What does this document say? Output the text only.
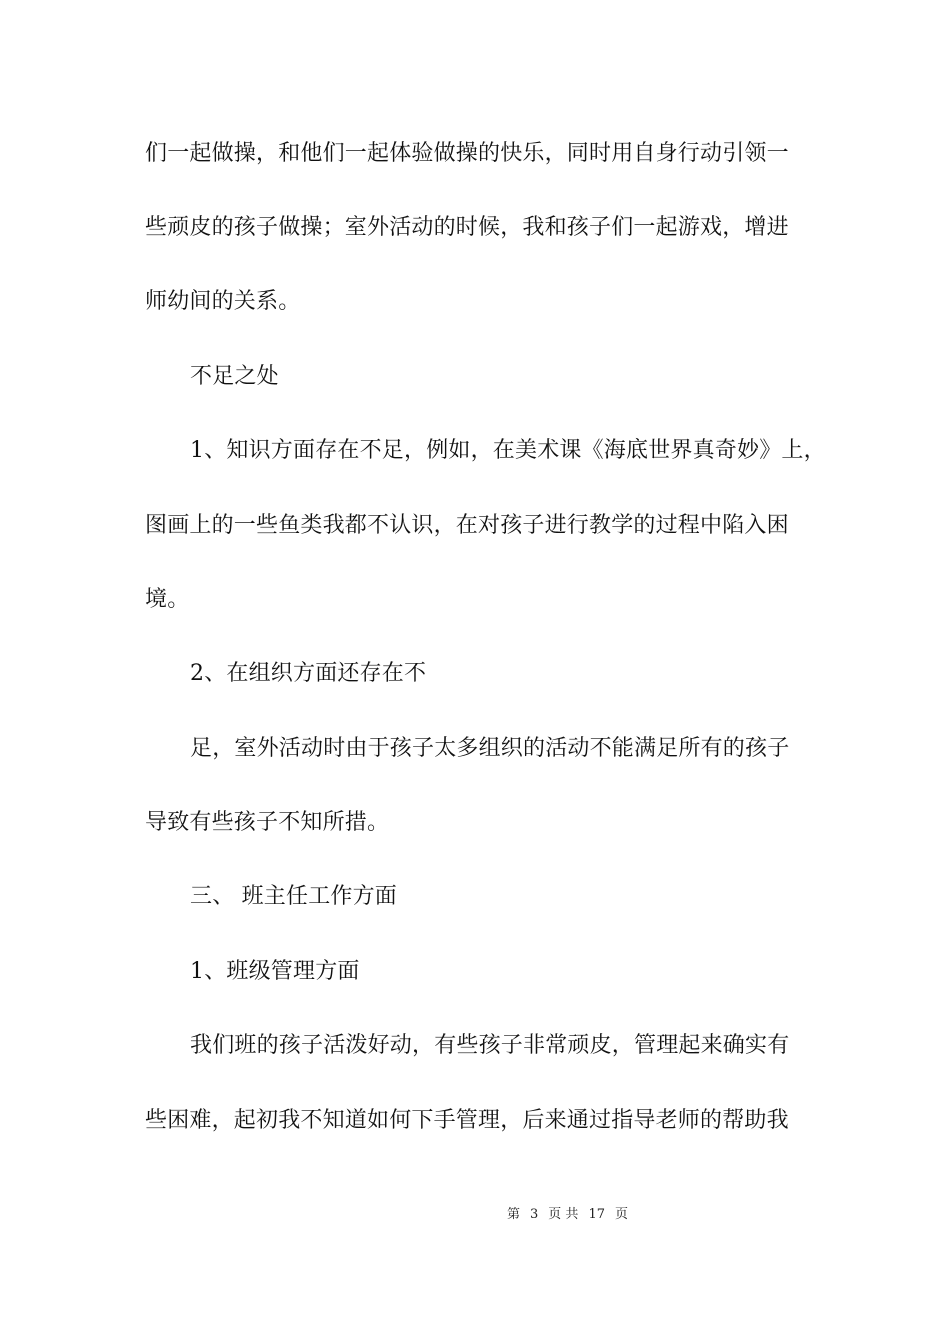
们一起做操，和他们一起体验做操的快乐，同时用自身行动引领一
些顽皮的孩子做操；室外活动的时候，我和孩子们一起游戏，增进
师幼间的关系。
不足之处
1、知识方面存在不足，例如，在美术课《海底世界真奇妙》上，
图画上的一些鱼类我都不认识，在对孩子进行教学的过程中陷入困
境。
2、在组织方面还存在不
足，室外活动时由于孩子太多组织的活动不能满足所有的孩子
导致有些孩子不知所措。
三、 班主任工作方面
1、班级管理方面
我们班的孩子活泼好动，有些孩子非常顽皮，管理起来确实有
些困难，起初我不知道如何下手管理，后来通过指导老师的帮助我
第 3 页 共 17 页
